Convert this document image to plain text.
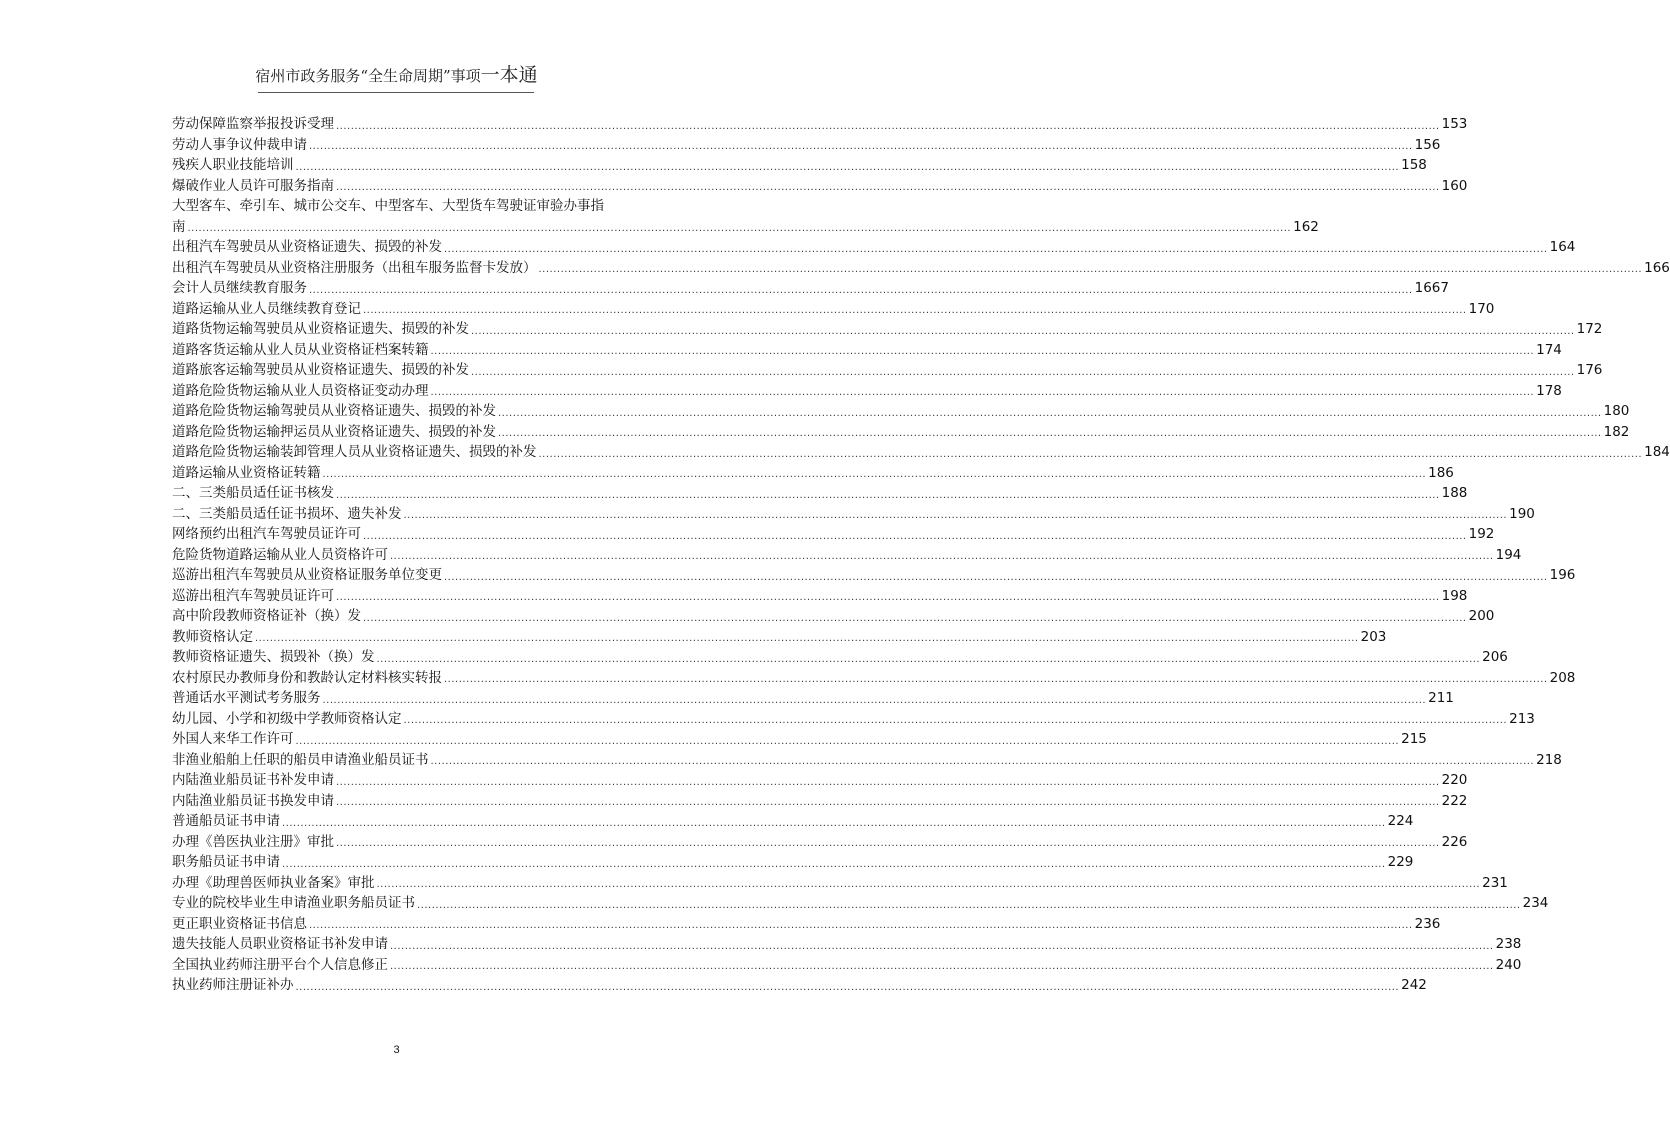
宿州市政务服务“全生命周期”事项一本通
劳动保障监察举报投诉受理 ............................................................................................................................................................................................................................................................................................................ 153
劳动人事争议仲裁申请 ............................................................................................................................................................................................................................................................................................................ 156
残疾人职业技能培训 ............................................................................................................................................................................................................................................................................................................ 158
爆破作业人员许可服务指南 ............................................................................................................................................................................................................................................................................................................ 160
大型客车、牵引车、城市公交车、中型客车、大型货车驾驶证审验办事指
南 ............................................................................................................................................................................................................................................................................................................ 162
出租汽车驾驶员从业资格证遗失、损毁的补发 ............................................................................................................................................................................................................................................................................................................ 164
出租汽车驾驶员从业资格注册服务（出租车服务监督卡发放） ............................................................................................................................................................................................................................................................................................................ 166
会计人员继续教育服务 ............................................................................................................................................................................................................................................................................................................ 1667
道路运输从业人员继续教育登记 ............................................................................................................................................................................................................................................................................................................ 170
道路货物运输驾驶员从业资格证遗失、损毁的补发 ............................................................................................................................................................................................................................................................................................................ 172
道路客货运输从业人员从业资格证档案转籍 ............................................................................................................................................................................................................................................................................................................ 174
道路旅客运输驾驶员从业资格证遗失、损毁的补发 ............................................................................................................................................................................................................................................................................................................ 176
道路危险货物运输从业人员资格证变动办理 ............................................................................................................................................................................................................................................................................................................ 178
道路危险货物运输驾驶员从业资格证遗失、损毁的补发 ............................................................................................................................................................................................................................................................................................................ 180
道路危险货物运输押运员从业资格证遗失、损毁的补发 ............................................................................................................................................................................................................................................................................................................ 182
道路危险货物运输装卸管理人员从业资格证遗失、损毁的补发 ............................................................................................................................................................................................................................................................................................................ 184
道路运输从业资格证转籍 ............................................................................................................................................................................................................................................................................................................ 186
二、三类船员适任证书核发 ............................................................................................................................................................................................................................................................................................................ 188
二、三类船员适任证书损坏、遗失补发 ............................................................................................................................................................................................................................................................................................................ 190
网络预约出租汽车驾驶员证许可 ............................................................................................................................................................................................................................................................................................................ 192
危险货物道路运输从业人员资格许可 ............................................................................................................................................................................................................................................................................................................ 194
巡游出租汽车驾驶员从业资格证服务单位变更 ............................................................................................................................................................................................................................................................................................................ 196
巡游出租汽车驾驶员证许可 ............................................................................................................................................................................................................................................................................................................ 198
高中阶段教师资格证补（换）发 ............................................................................................................................................................................................................................................................................................................ 200
教师资格认定 ............................................................................................................................................................................................................................................................................................................ 203
教师资格证遗失、损毁补（换）发 ............................................................................................................................................................................................................................................................................................................ 206
农村原民办教师身份和教龄认定材料核实转报 ............................................................................................................................................................................................................................................................................................................ 208
普通话水平测试考务服务 ............................................................................................................................................................................................................................................................................................................ 211
幼儿园、小学和初级中学教师资格认定 ............................................................................................................................................................................................................................................................................................................ 213
外国人来华工作许可 ............................................................................................................................................................................................................................................................................................................ 215
非渔业船舶上任职的船员申请渔业船员证书 ............................................................................................................................................................................................................................................................................................................ 218
内陆渔业船员证书补发申请 ............................................................................................................................................................................................................................................................................................................ 220
内陆渔业船员证书换发申请 ............................................................................................................................................................................................................................................................................................................ 222
普通船员证书申请 ............................................................................................................................................................................................................................................................................................................ 224
办理《兽医执业注册》审批 ............................................................................................................................................................................................................................................................................................................ 226
职务船员证书申请 ............................................................................................................................................................................................................................................................................................................ 229
办理《助理兽医师执业备案》审批 ............................................................................................................................................................................................................................................................................................................ 231
专业的院校毕业生申请渔业职务船员证书 ............................................................................................................................................................................................................................................................................................................ 234
更正职业资格证书信息 ............................................................................................................................................................................................................................................................................................................ 236
遗失技能人员职业资格证书补发申请 ............................................................................................................................................................................................................................................................................................................ 238
全国执业药师注册平台个人信息修正 ............................................................................................................................................................................................................................................................................................................ 240
执业药师注册证补办 ............................................................................................................................................................................................................................................................................................................ 242
3
